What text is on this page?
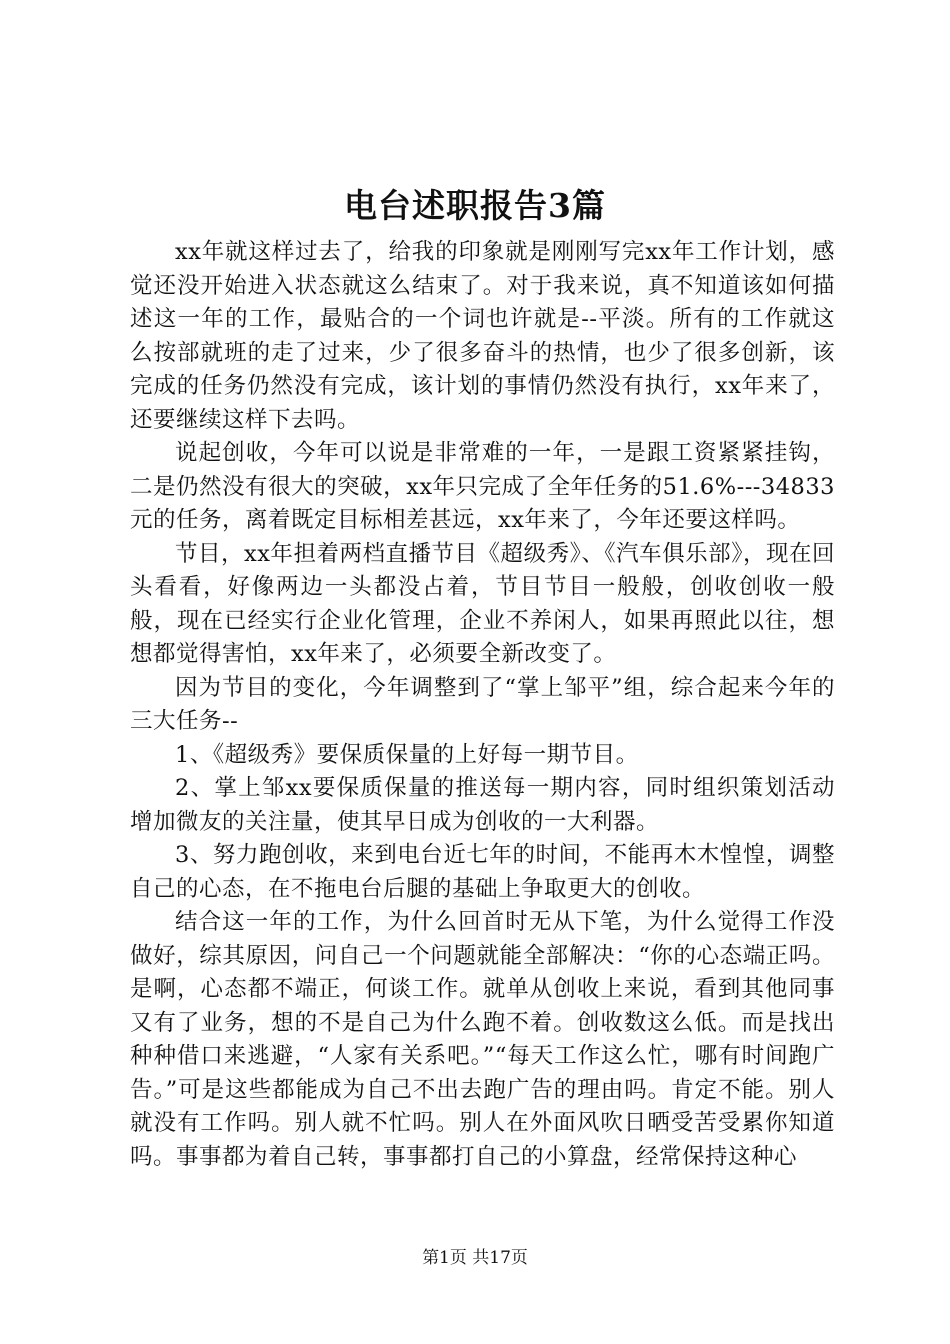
电台述职报告3篇

xx年就这样过去了，给我的印象就是刚刚写完xx年工作计划，感觉还没开始进入状态就这么结束了。对于我来说，真不知道该如何描述这一年的工作，最贴合的一个词也许就是--平淡。所有的工作就这么按部就班的走了过来，少了很多奋斗的热情，也少了很多创新，该完成的任务仍然没有完成，该计划的事情仍然没有执行，xx年来了，还要继续这样下去吗。

说起创收，今年可以说是非常难的一年，一是跟工资紧紧挂钩，二是仍然没有很大的突破，xx年只完成了全年任务的51.6%---34833元的任务，离着既定目标相差甚远，xx年来了，今年还要这样吗。

节目，xx年担着两档直播节目《超级秀》、《汽车俱乐部》，现在回头看看，好像两边一头都没占着，节目节目一般般，创收创收一般般，现在已经实行企业化管理，企业不养闲人，如果再照此以往，想想都觉得害怕，xx年来了，必须要全新改变了。

因为节目的变化，今年调整到了“掌上邹平”组，综合起来今年的三大任务--

1、《超级秀》要保质保量的上好每一期节目。

2、掌上邹xx要保质保量的推送每一期内容，同时组织策划活动增加微友的关注量，使其早日成为创收的一大利器。

3、努力跑创收，来到电台近七年的时间，不能再木木惶惶，调整自己的心态，在不拖电台后腿的基础上争取更大的创收。

结合这一年的工作，为什么回首时无从下笔，为什么觉得工作没做好，综其原因，问自己一个问题就能全部解决：“你的心态端正吗。是啊，心态都不端正，何谈工作。就单从创收上来说，看到其他同事又有了业务，想的不是自己为什么跑不着。创收数这么低。而是找出种种借口来逃避，“人家有关系吧。”“每天工作这么忙，哪有时间跑广告。”可是这些都能成为自己不出去跑广告的理由吗。肯定不能。别人就没有工作吗。别人就不忙吗。别人在外面风吹日晒受苦受累你知道吗。事事都为着自己转，事事都打自己的小算盘，经常保持这种心

第1页 共17页
